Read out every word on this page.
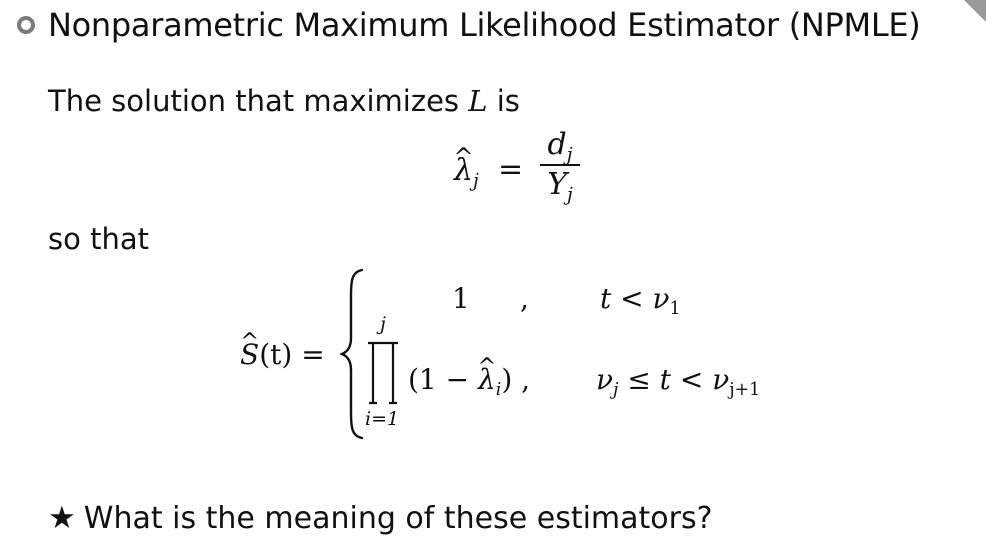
Nonparametric Maximum Likelihood Estimator (NPMLE)
The solution that maximizes L is
^ $\lambda_j$ =
$d_j$
$Y_j$
so that
^ S(t) =
1 ,	$t < \nu_1$
j
i=1
(1 − ^ $\lambda_i$) , $\nu_j \le t < \nu_{j+1}$
★ What is the meaning of these estimators?
